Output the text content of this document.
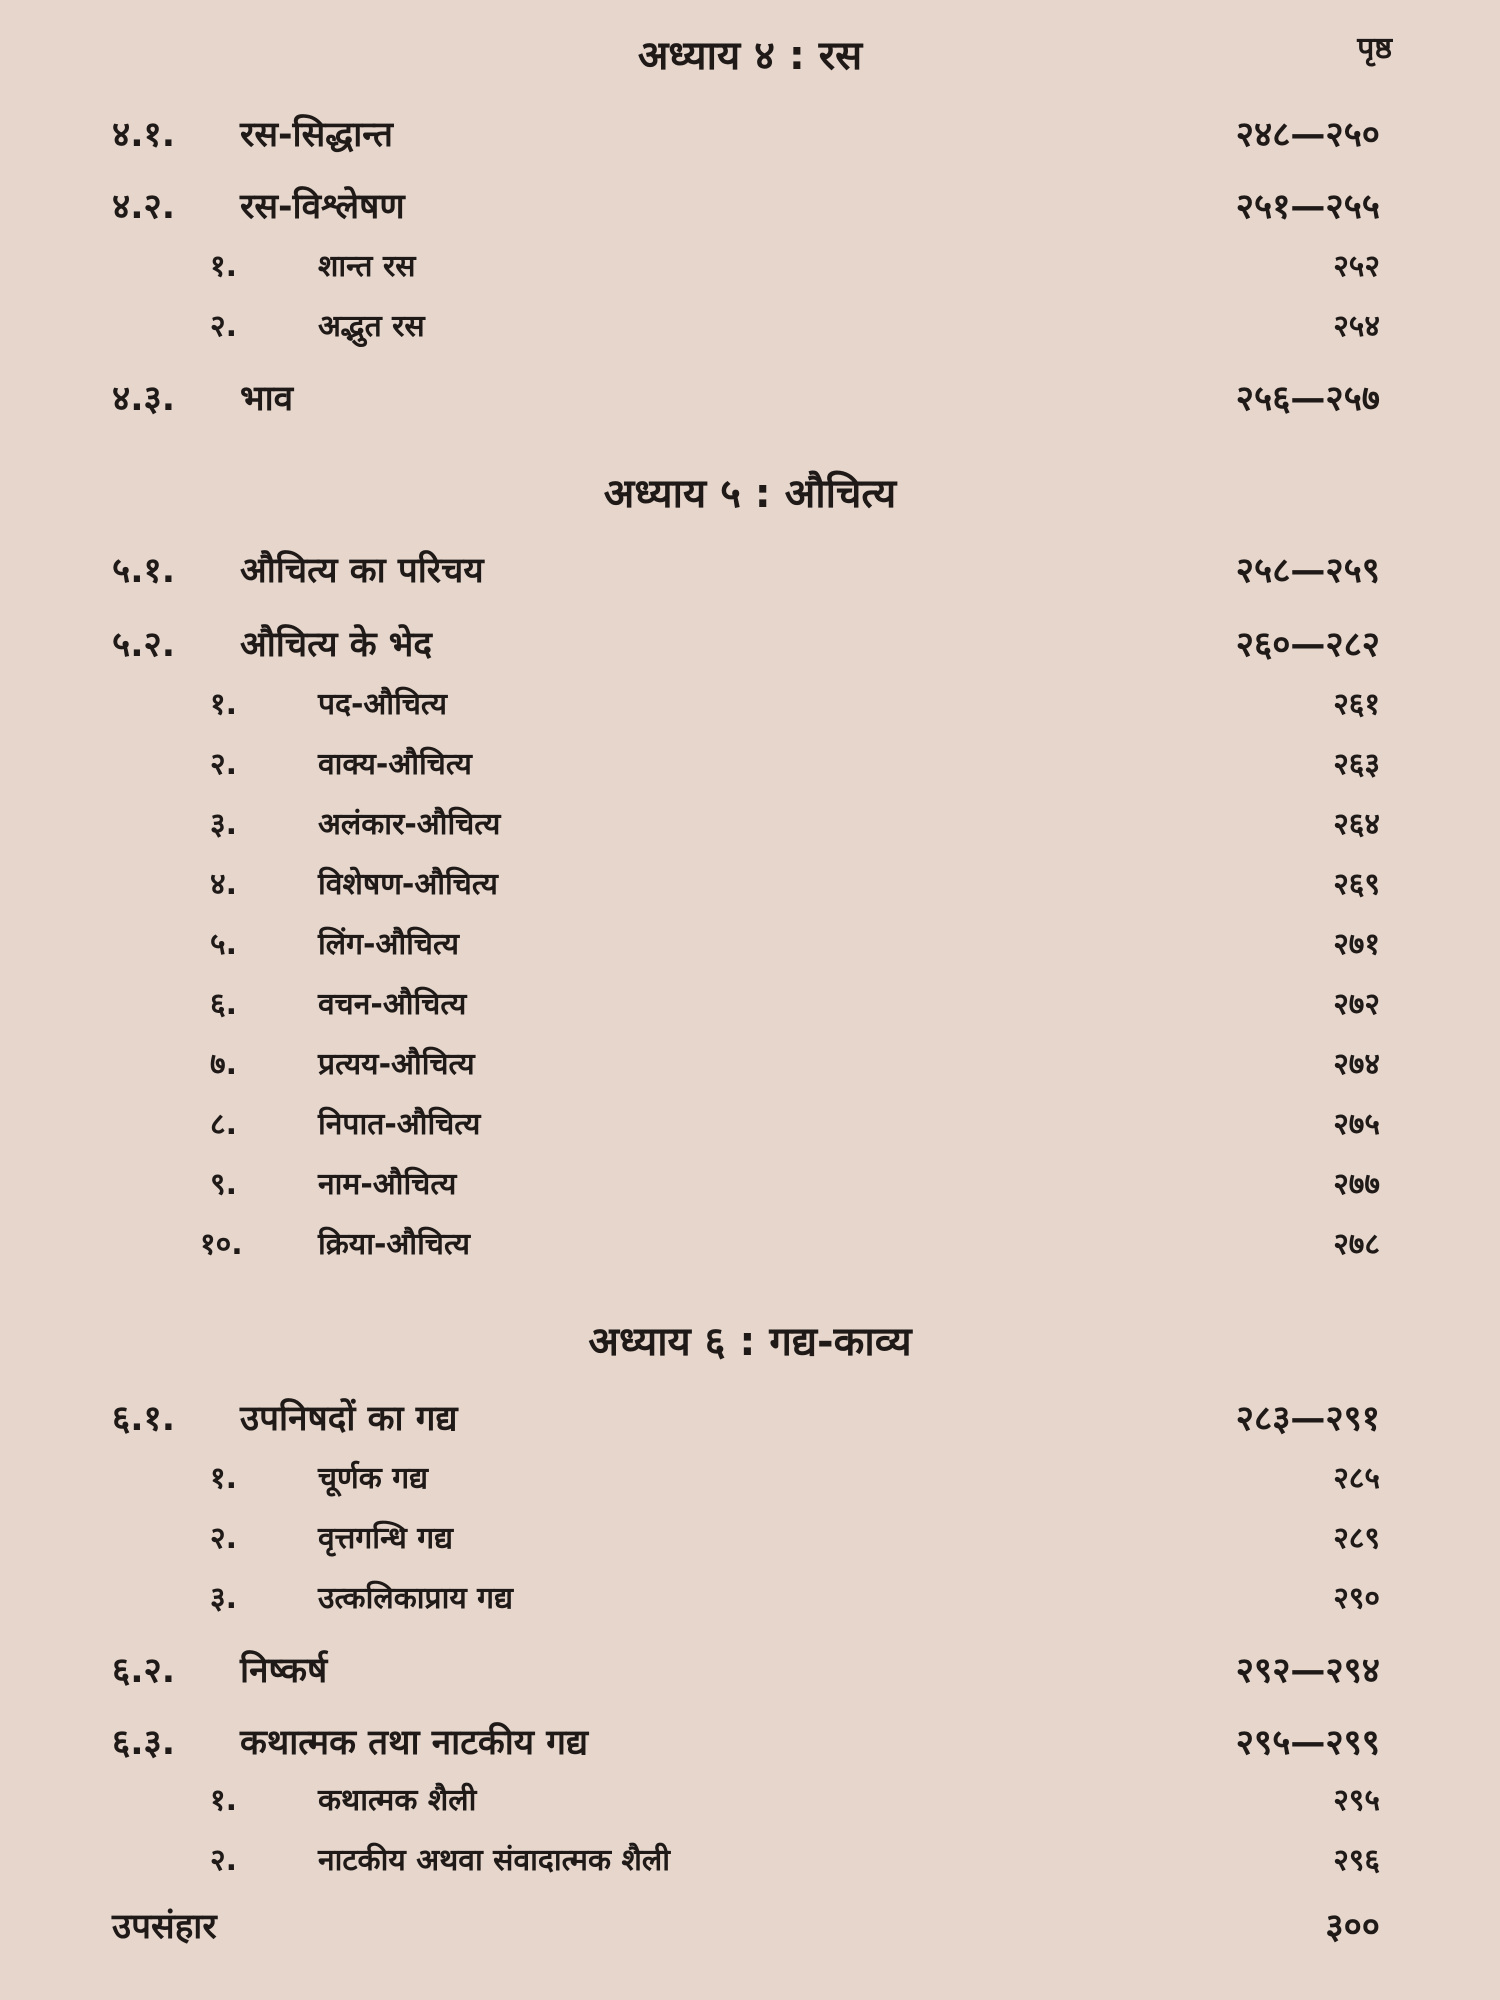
पृष्ठ
अध्याय ४ : रस
४.१. रस-सिद्धान्त	२४८—२५०
४.२. रस-विश्लेषण	२५१—२५५
१.	शान्त रस	२५२
२.	अद्भुत रस	२५४
४.३. भाव	२५६—२५७
अध्याय ५ : औचित्य
५.१. औचित्य का परिचय	२५८—२५९
५.२. औचित्य के भेद	२६०—२८२
१.	पद-औचित्य	२६१
२.	वाक्य-औचित्य	२६३
३.	अलंकार-औचित्य	२६४
४.	विशेषण-औचित्य	२६९
५.	लिंग-औचित्य	२७१
६.	वचन-औचित्य	२७२
७.	प्रत्यय-औचित्य	२७४
८.	निपात-औचित्य	२७५
९.	नाम-औचित्य	२७७
१०.	क्रिया-औचित्य	२७८
अध्याय ६ : गद्य-काव्य
६.१. उपनिषदों का गद्य	२८३—२९१
१.	चूर्णक गद्य	२८५
२.	वृत्तगन्धि गद्य	२८९
३.	उत्कलिकाप्राय गद्य	२९०
६.२. निष्कर्ष	२९२—२९४
६.३. कथात्मक तथा नाटकीय गद्य	२९५—२९९
१.	कथात्मक शैली	२९५
२.	नाटकीय अथवा संवादात्मक शैली	२९६
उपसंहार	३००
